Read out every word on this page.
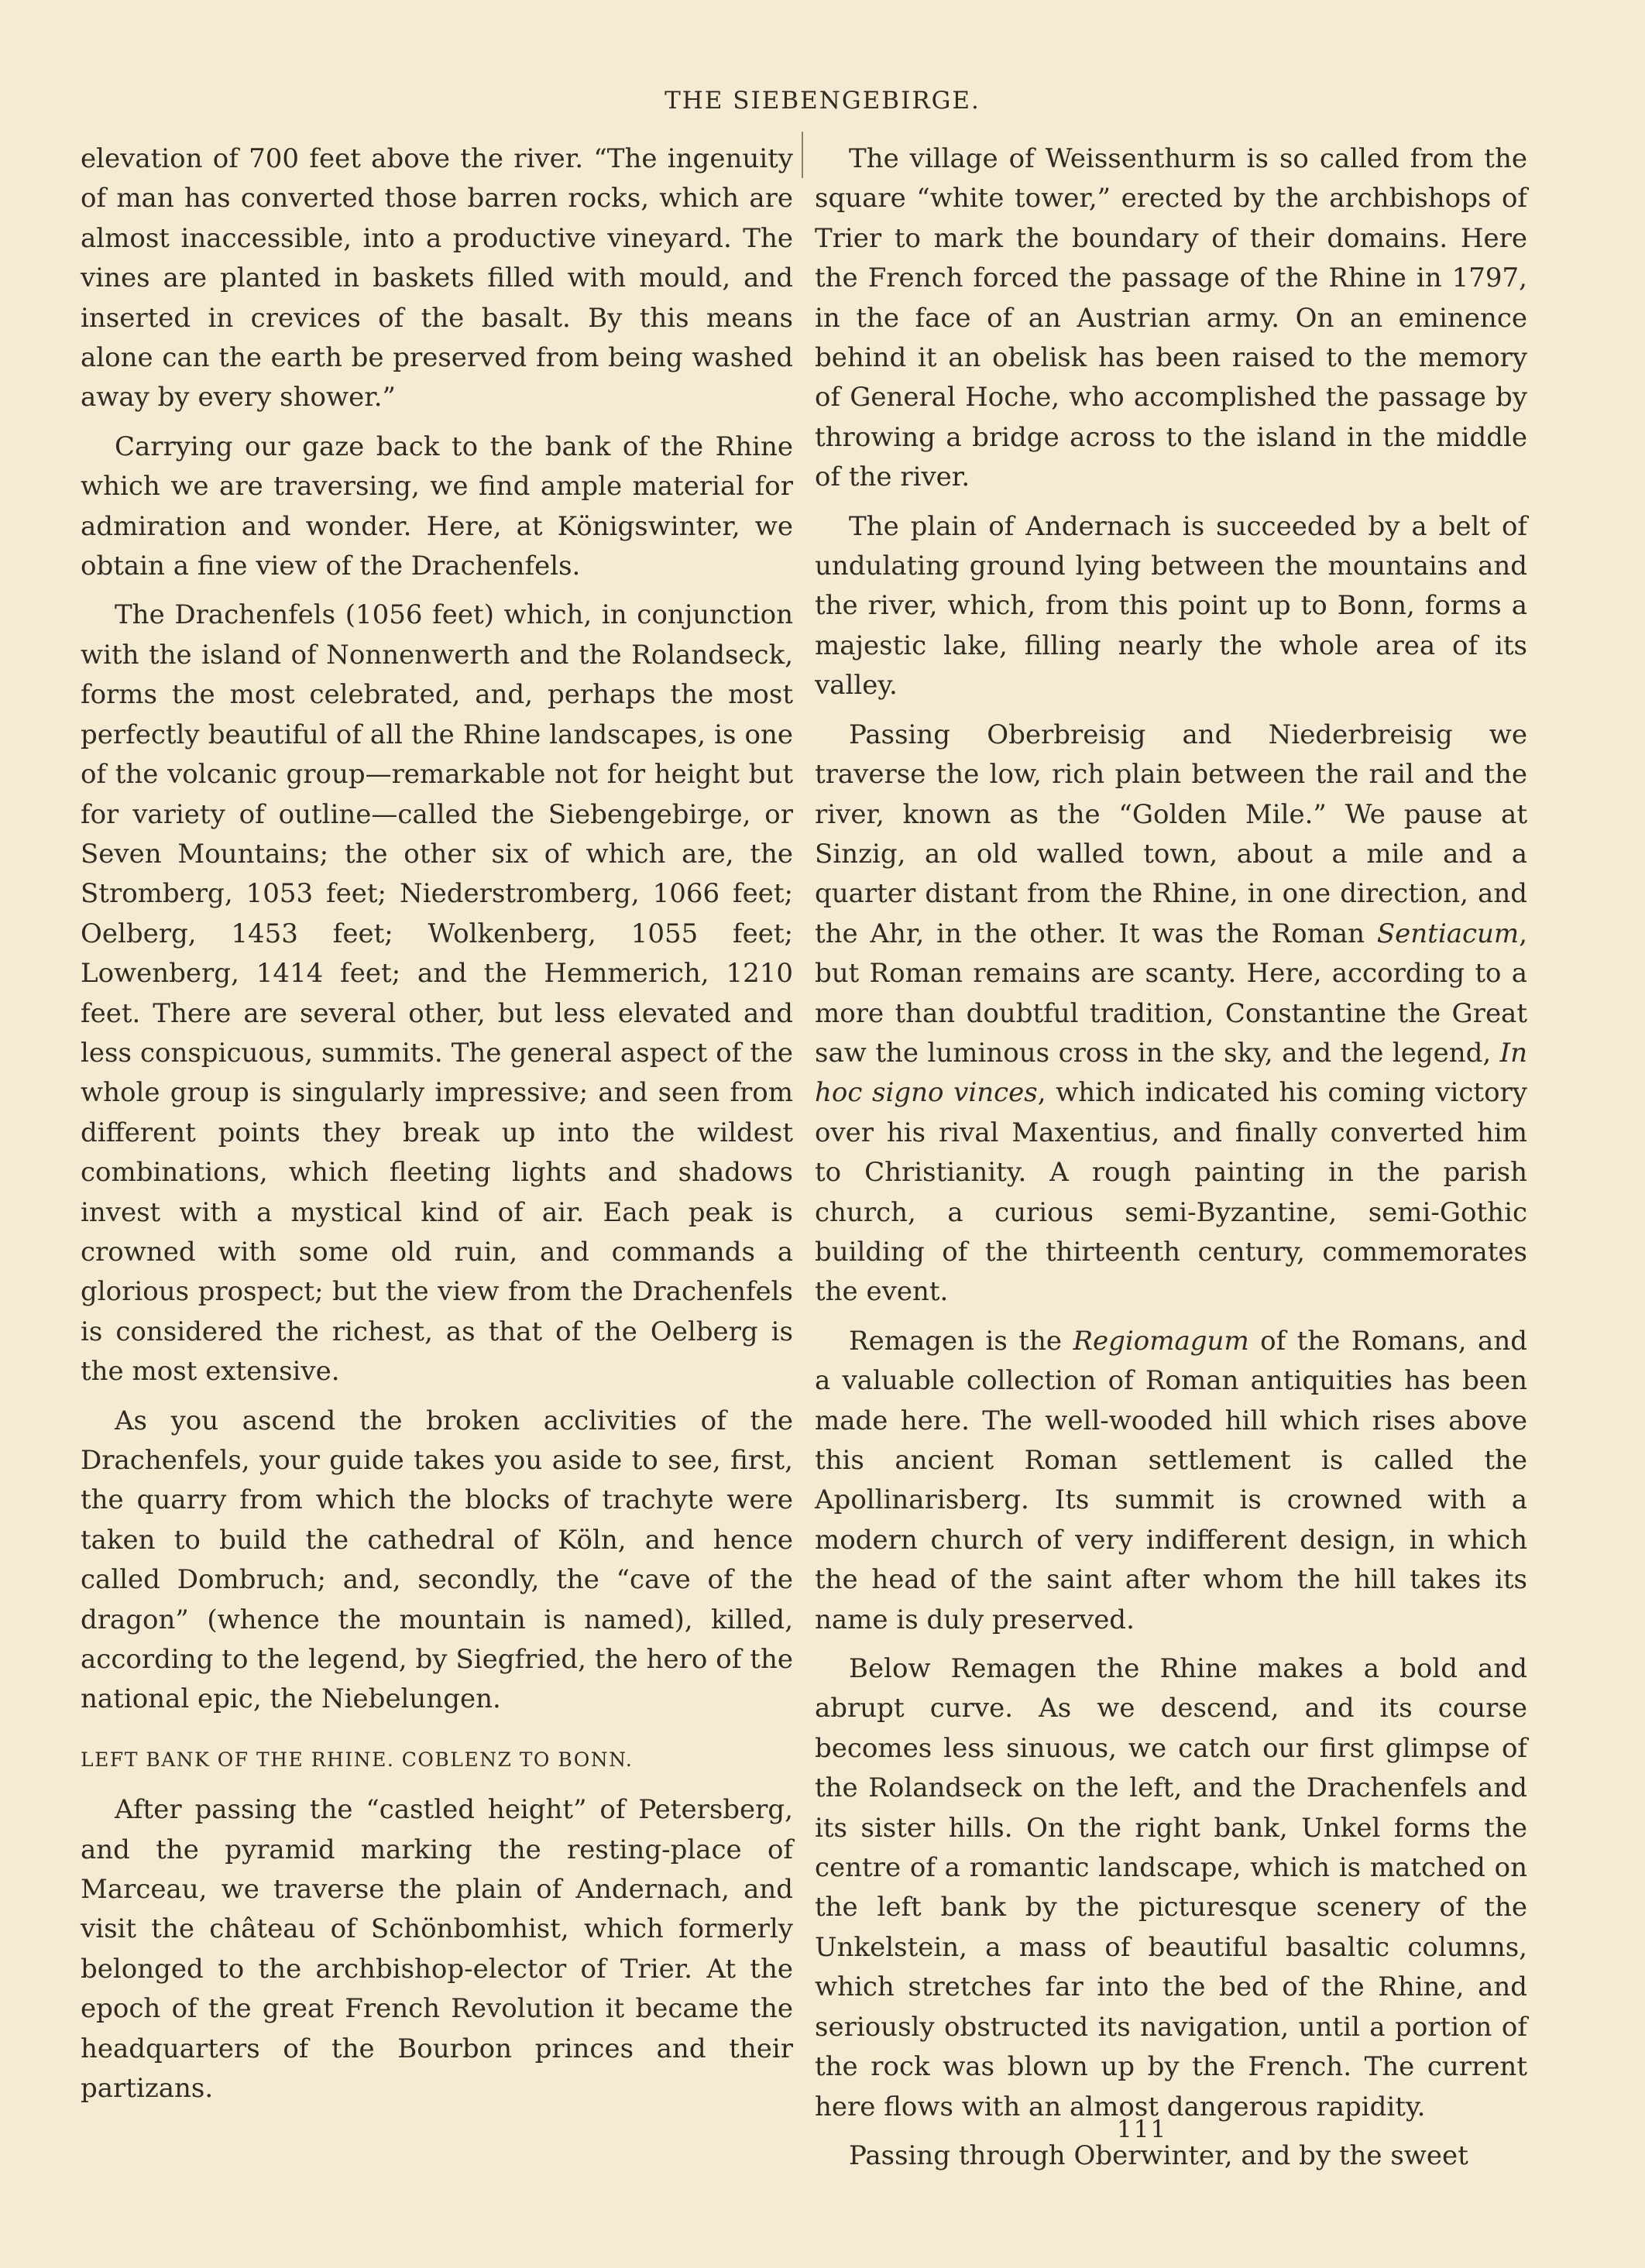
THE SIEBENGEBIRGE.

elevation of 700 feet above the river. “The ingenuity of man has converted those barren rocks, which are almost inaccessible, into a productive vineyard. The vines are planted in baskets filled with mould, and inserted in crevices of the basalt. By this means alone can the earth be preserved from being washed away by every shower.”

Carrying our gaze back to the bank of the Rhine which we are traversing, we find ample material for admiration and wonder. Here, at Königswinter, we obtain a fine view of the Drachenfels.

The Drachenfels (1056 feet) which, in conjunction with the island of Nonnenwerth and the Rolandseck, forms the most celebrated, and, perhaps the most perfectly beautiful of all the Rhine landscapes, is one of the volcanic group—remarkable not for height but for variety of outline—called the Siebengebirge, or Seven Mountains; the other six of which are, the Stromberg, 1053 feet; Niederstromberg, 1066 feet; Oelberg, 1453 feet; Wolkenberg, 1055 feet; Lowenberg, 1414 feet; and the Hemmerich, 1210 feet. There are several other, but less elevated and less conspicuous, summits. The general aspect of the whole group is singularly impressive; and seen from different points they break up into the wildest combinations, which fleeting lights and shadows invest with a mystical kind of air. Each peak is crowned with some old ruin, and commands a glorious prospect; but the view from the Drachenfels is considered the richest, as that of the Oelberg is the most extensive.

As you ascend the broken acclivities of the Drachenfels, your guide takes you aside to see, first, the quarry from which the blocks of trachyte were taken to build the cathedral of Köln, and hence called Dombruch; and, secondly, the “cave of the dragon” (whence the mountain is named), killed, according to the legend, by Siegfried, the hero of the national epic, the Niebelungen.

LEFT BANK OF THE RHINE. COBLENZ TO BONN.

After passing the “castled height” of Petersberg, and the pyramid marking the resting-place of Marceau, we traverse the plain of Andernach, and visit the château of Schönbomhist, which formerly belonged to the archbishop-elector of Trier. At the epoch of the great French Revolution it became the headquarters of the Bourbon princes and their partizans.

The village of Weissenthurm is so called from the square “white tower,” erected by the archbishops of Trier to mark the boundary of their domains. Here the French forced the passage of the Rhine in 1797, in the face of an Austrian army. On an eminence behind it an obelisk has been raised to the memory of General Hoche, who accomplished the passage by throwing a bridge across to the island in the middle of the river.

The plain of Andernach is succeeded by a belt of undulating ground lying between the mountains and the river, which, from this point up to Bonn, forms a majestic lake, filling nearly the whole area of its valley.

Passing Oberbreisig and Niederbreisig we traverse the low, rich plain between the rail and the river, known as the “Golden Mile.” We pause at Sinzig, an old walled town, about a mile and a quarter distant from the Rhine, in one direction, and the Ahr, in the other. It was the Roman Sentiacum, but Roman remains are scanty. Here, according to a more than doubtful tradition, Constantine the Great saw the luminous cross in the sky, and the legend, In hoc signo vinces, which indicated his coming victory over his rival Maxentius, and finally converted him to Christianity. A rough painting in the parish church, a curious semi-Byzantine, semi-Gothic building of the thirteenth century, commemorates the event.

Remagen is the Regiomagum of the Romans, and a valuable collection of Roman antiquities has been made here. The well-wooded hill which rises above this ancient Roman settlement is called the Apollinarisberg. Its summit is crowned with a modern church of very indifferent design, in which the head of the saint after whom the hill takes its name is duly preserved.

Below Remagen the Rhine makes a bold and abrupt curve. As we descend, and its course becomes less sinuous, we catch our first glimpse of the Rolandseck on the left, and the Drachenfels and its sister hills. On the right bank, Unkel forms the centre of a romantic landscape, which is matched on the left bank by the picturesque scenery of the Unkelstein, a mass of beautiful basaltic columns, which stretches far into the bed of the Rhine, and seriously obstructed its navigation, until a portion of the rock was blown up by the French. The current here flows with an almost dangerous rapidity.

Passing through Oberwinter, and by the sweet

111
